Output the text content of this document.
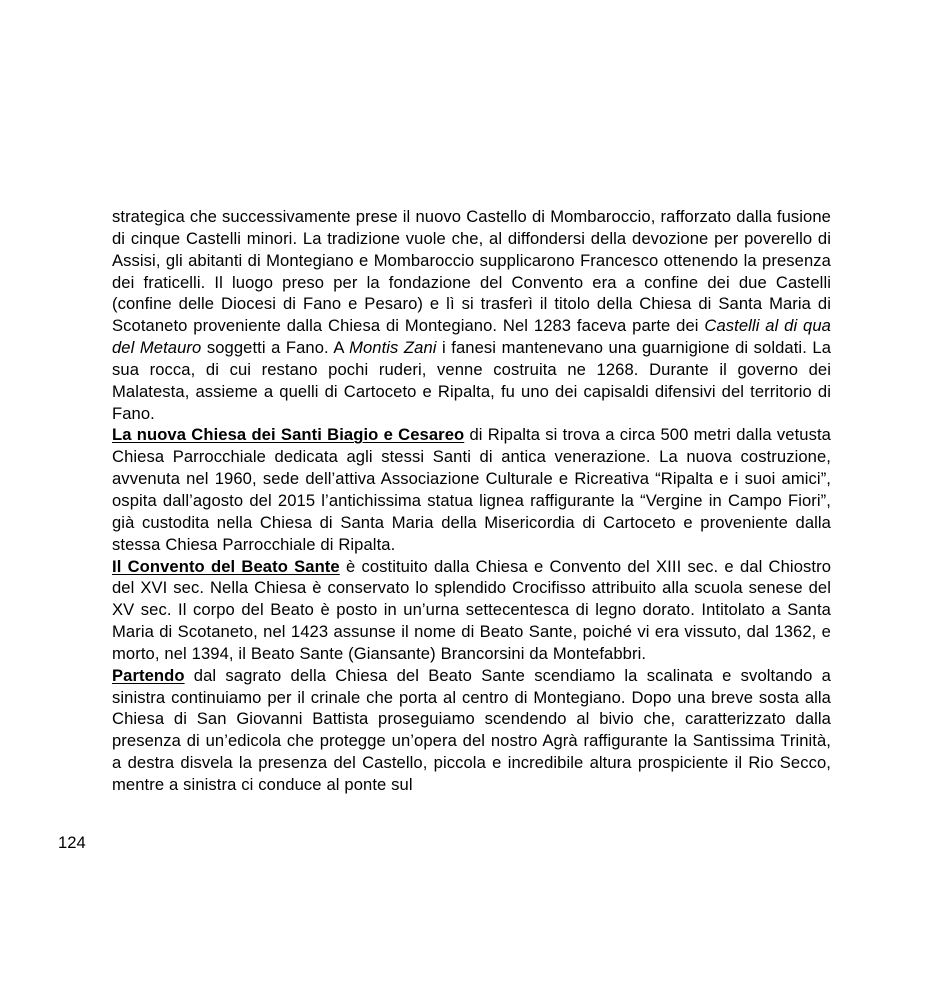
strategica che successivamente prese il nuovo Castello di Mombaroccio, rafforzato dalla fusione di cinque Castelli minori. La tradizione vuole che, al diffondersi della devozione per poverello di Assisi, gli abitanti di Montegiano e Mombaroccio supplicarono Francesco ottenendo la presenza dei fraticelli. Il luogo preso per la fondazione del Convento era a confine dei due Castelli (confine delle Diocesi di Fano e Pesaro) e lì si trasferì il titolo della Chiesa di Santa Maria di Scotaneto proveniente dalla Chiesa di Montegiano. Nel 1283 faceva parte dei Castelli al di qua del Metauro soggetti a Fano. A Montis Zani i fanesi mantenevano una guarnigione di soldati. La sua rocca, di cui restano pochi ruderi, venne costruita ne 1268. Durante il governo dei Malatesta, assieme a quelli di Cartoceto e Ripalta, fu uno dei capisaldi difensivi del territorio di Fano.

La nuova Chiesa dei Santi Biagio e Cesareo di Ripalta si trova a circa 500 metri dalla vetusta Chiesa Parrocchiale dedicata agli stessi Santi di antica venerazione. La nuova costruzione, avvenuta nel 1960, sede dell’attiva Associazione Culturale e Ricreativa “Ripalta e i suoi amici”, ospita dall’agosto del 2015 l’antichissima statua lignea raffigurante la “Vergine in Campo Fiori”, già custodita nella Chiesa di Santa Maria della Misericordia di Cartoceto e proveniente dalla stessa Chiesa Parrocchiale di Ripalta.

Il Convento del Beato Sante è costituito dalla Chiesa e Convento del XIII sec. e dal Chiostro del XVI sec. Nella Chiesa è conservato lo splendido Crocifisso attribuito alla scuola senese del XV sec. Il corpo del Beato è posto in un’urna settecentesca di legno dorato. Intitolato a Santa Maria di Scotaneto, nel 1423 assunse il nome di Beato Sante, poiché vi era vissuto, dal 1362, e morto, nel 1394, il Beato Sante (Giansante) Brancorsini da Montefabbri.

Partendo dal sagrato della Chiesa del Beato Sante scendiamo la scalinata e svoltando a sinistra continuiamo per il crinale che porta al centro di Montegiano. Dopo una breve sosta alla Chiesa di San Giovanni Battista proseguiamo scendendo al bivio che, caratterizzato dalla presenza di un’edicola che protegge un’opera del nostro Agrà raffigurante la Santissima Trinità, a destra disvela la presenza del Castello, piccola e incredibile altura prospiciente il Rio Secco, mentre a sinistra ci conduce al ponte sul

124
